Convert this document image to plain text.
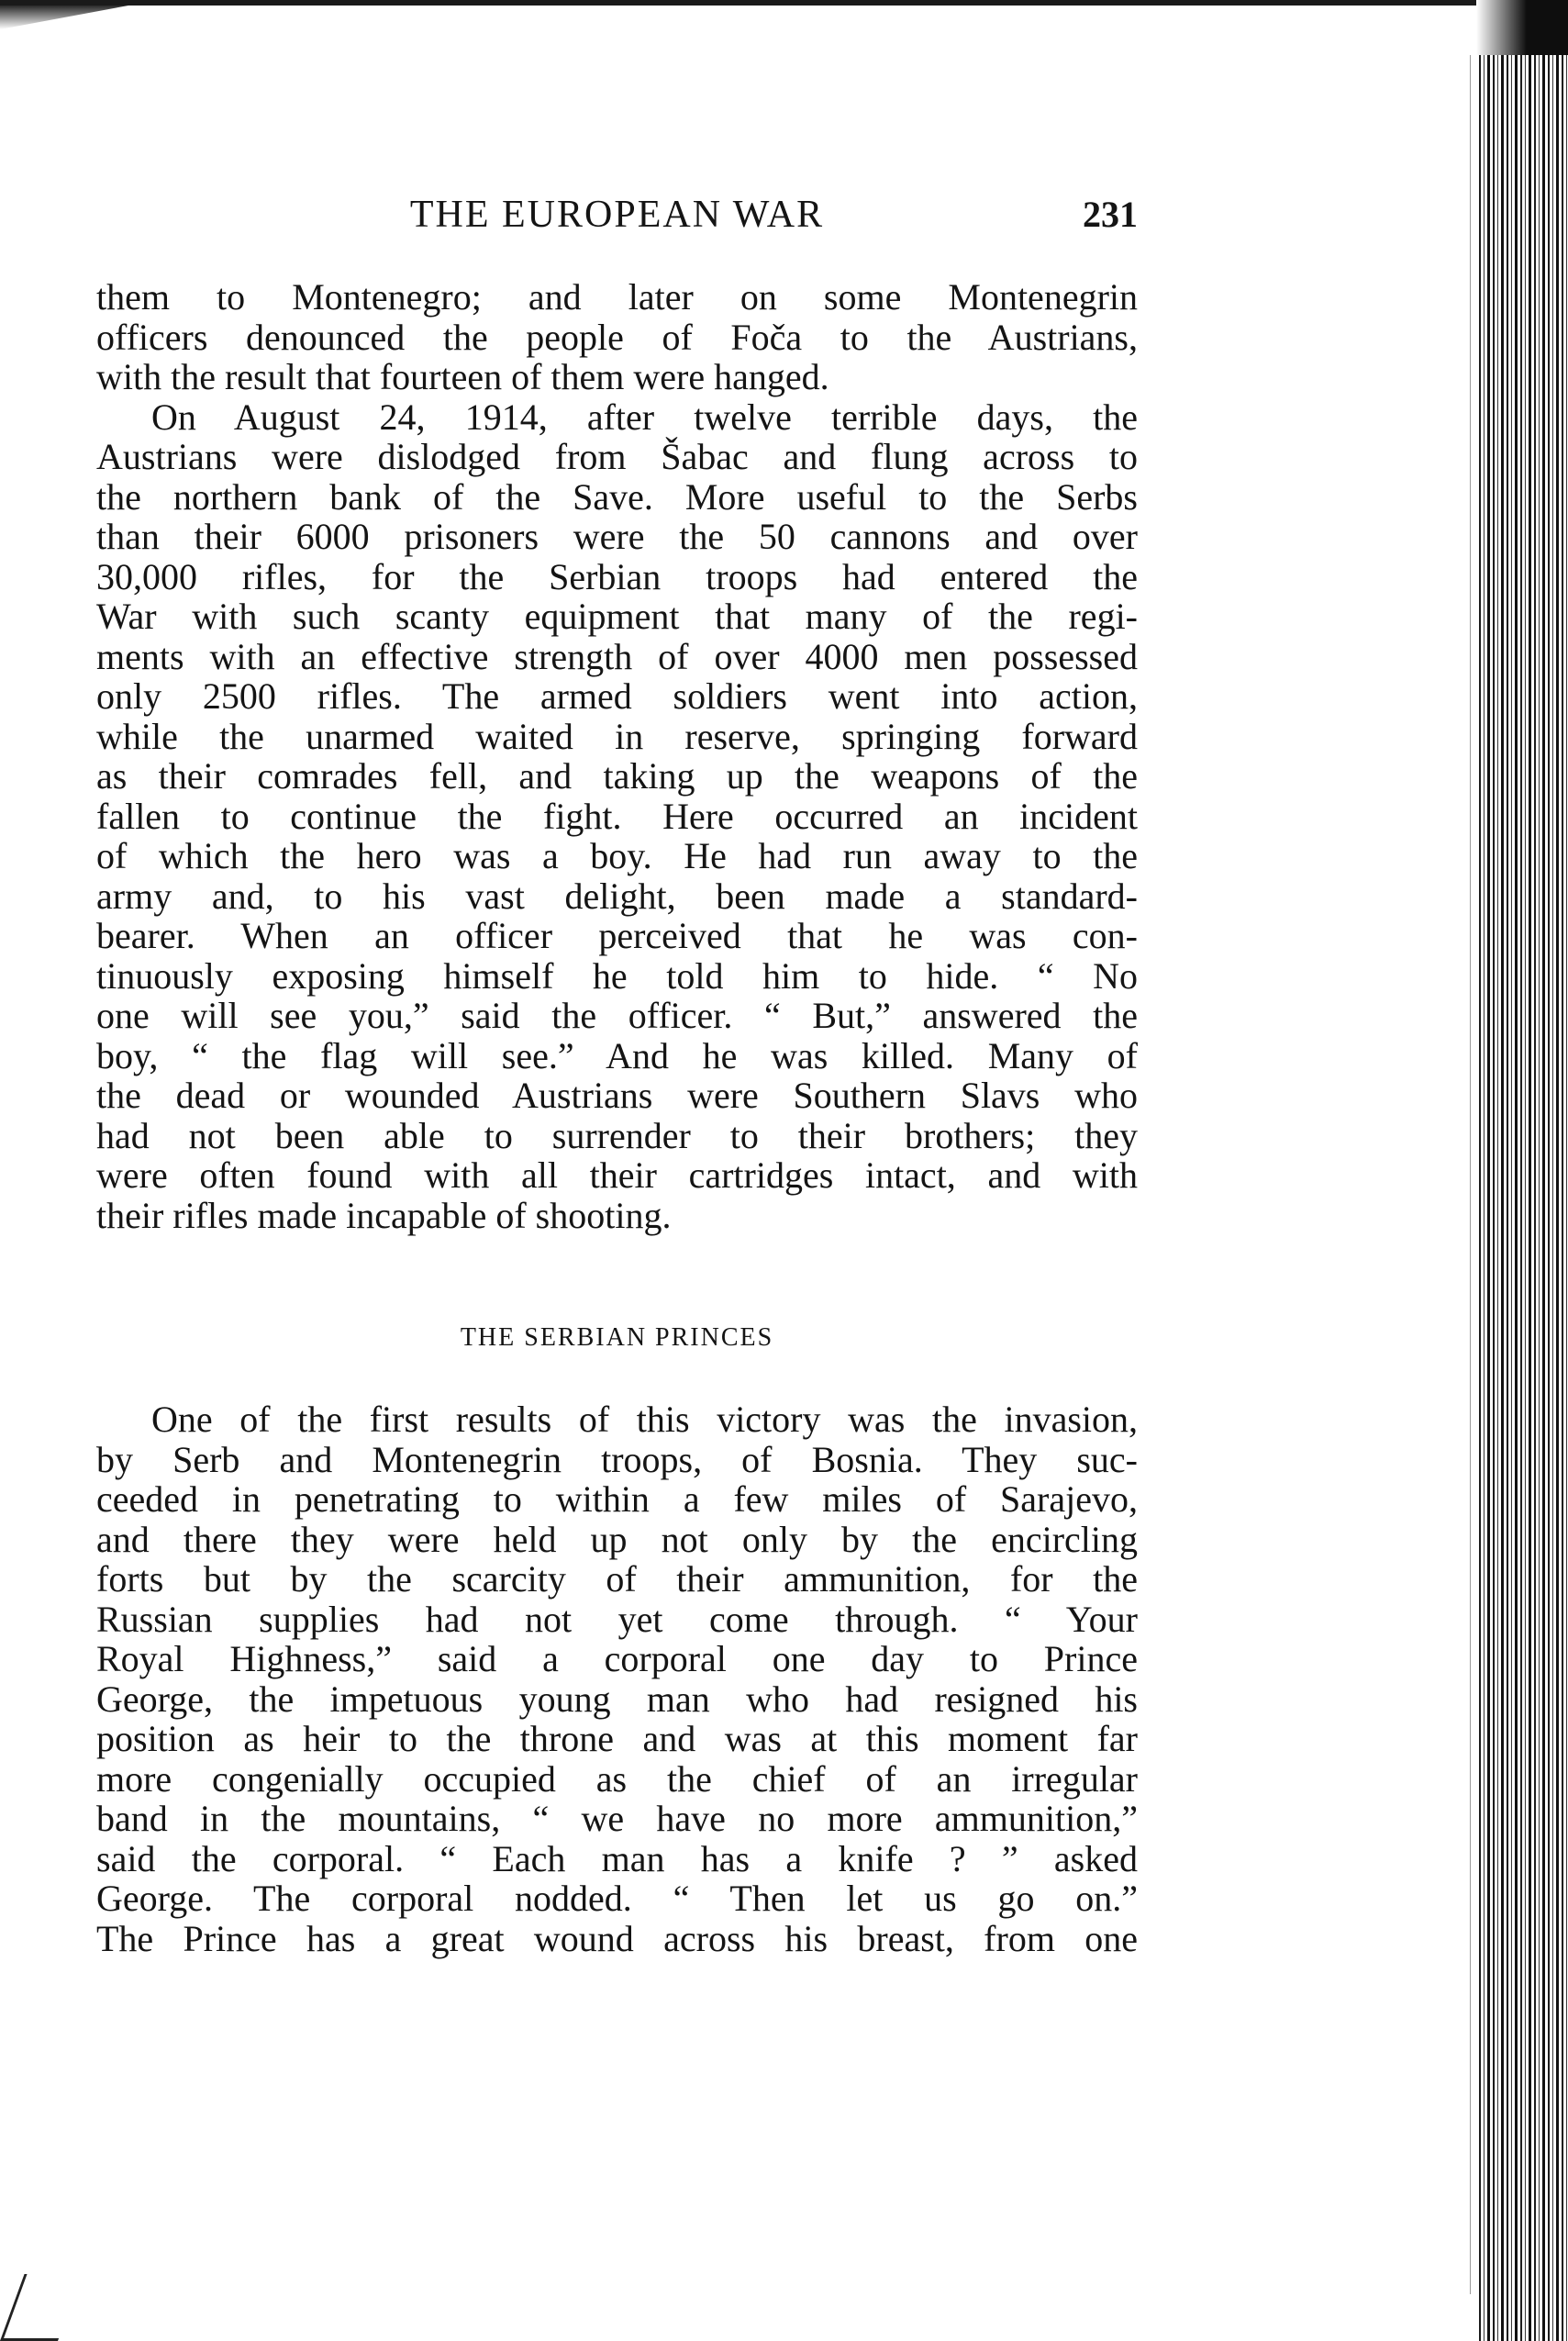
THE EUROPEAN WAR	231
them to Montenegro; and later on some Montenegrin
officers denounced the people of Foča to the Austrians,
with the result that fourteen of them were hanged.
On August 24, 1914, after twelve terrible days, the
Austrians were dislodged from Šabac and flung across to
the northern bank of the Save. More useful to the Serbs
than their 6000 prisoners were the 50 cannons and over
30,000 rifles, for the Serbian troops had entered the
War with such scanty equipment that many of the regi-
ments with an effective strength of over 4000 men possessed
only 2500 rifles. The armed soldiers went into action,
while the unarmed waited in reserve, springing forward
as their comrades fell, and taking up the weapons of the
fallen to continue the fight. Here occurred an incident
of which the hero was a boy. He had run away to the
army and, to his vast delight, been made a standard-
bearer. When an officer perceived that he was con-
tinuously exposing himself he told him to hide. “ No
one will see you,” said the officer. “ But,” answered the
boy, “ the flag will see.” And he was killed. Many of
the dead or wounded Austrians were Southern Slavs who
had not been able to surrender to their brothers; they
were often found with all their cartridges intact, and with
their rifles made incapable of shooting.
THE SERBIAN PRINCES
One of the first results of this victory was the invasion,
by Serb and Montenegrin troops, of Bosnia. They suc-
ceeded in penetrating to within a few miles of Sarajevo,
and there they were held up not only by the encircling
forts but by the scarcity of their ammunition, for the
Russian supplies had not yet come through. “ Your
Royal Highness,” said a corporal one day to Prince
George, the impetuous young man who had resigned his
position as heir to the throne and was at this moment far
more congenially occupied as the chief of an irregular
band in the mountains, “ we have no more ammunition,”
said the corporal. “ Each man has a knife ? ” asked
George. The corporal nodded. “ Then let us go on.”
The Prince has a great wound across his breast, from one
